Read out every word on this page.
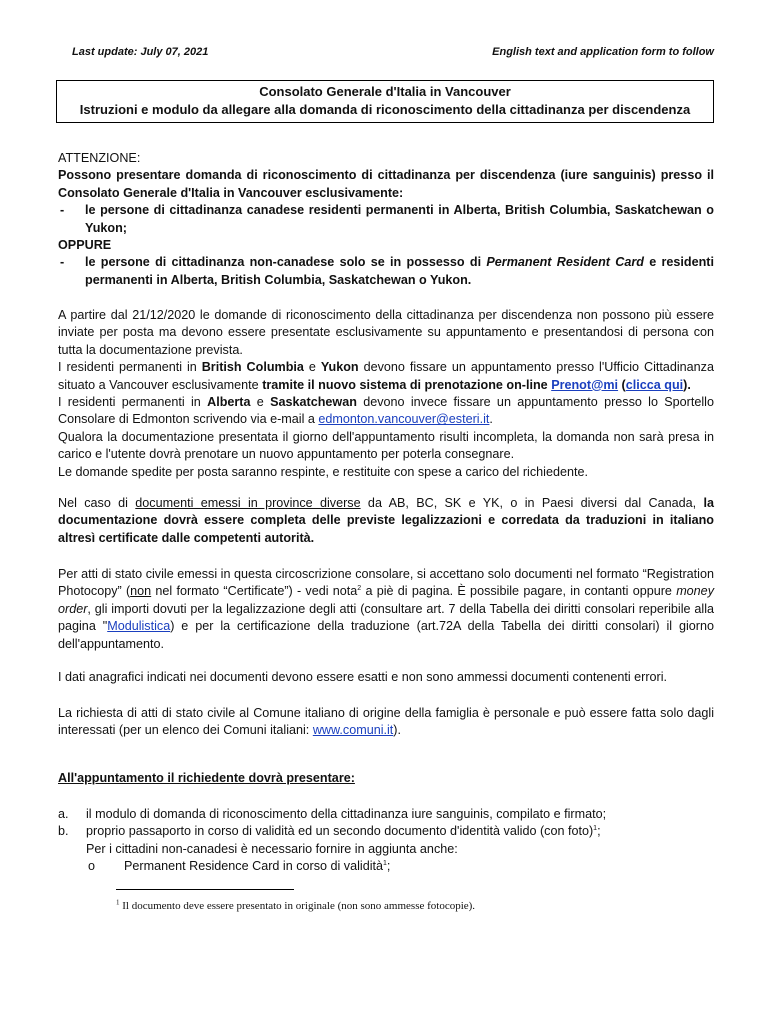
Last update: July 07, 2021	English text and application form to follow
Consolato Generale d'Italia in Vancouver
Istruzioni e modulo da allegare alla domanda di riconoscimento della cittadinanza per discendenza
ATTENZIONE:
Possono presentare domanda di riconoscimento di cittadinanza per discendenza (iure sanguinis) presso il Consolato Generale d'Italia in Vancouver esclusivamente:
- le persone di cittadinanza canadese residenti permanenti in Alberta, British Columbia, Saskatchewan o Yukon;
OPPURE
- le persone di cittadinanza non-canadese solo se in possesso di Permanent Resident Card e residenti permanenti in Alberta, British Columbia, Saskatchewan o Yukon.
A partire dal 21/12/2020 le domande di riconoscimento della cittadinanza per discendenza non possono più essere inviate per posta ma devono essere presentate esclusivamente su appuntamento e presentandosi di persona con tutta la documentazione prevista.
I residenti permanenti in British Columbia e Yukon devono fissare un appuntamento presso l'Ufficio Cittadinanza situato a Vancouver esclusivamente tramite il nuovo sistema di prenotazione on-line Prenot@mi (clicca qui).
I residenti permanenti in Alberta e Saskatchewan devono invece fissare un appuntamento presso lo Sportello Consolare di Edmonton scrivendo via e-mail a edmonton.vancouver@esteri.it.
Qualora la documentazione presentata il giorno dell'appuntamento risulti incompleta, la domanda non sarà presa in carico e l'utente dovrà prenotare un nuovo appuntamento per poterla consegnare.
Le domande spedite per posta saranno respinte, e restituite con spese a carico del richiedente.
Nel caso di documenti emessi in province diverse da AB, BC, SK e YK, o in Paesi diversi dal Canada, la documentazione dovrà essere completa delle previste legalizzazioni e corredata da traduzioni in italiano altresì certificate dalle competenti autorità.
Per atti di stato civile emessi in questa circoscrizione consolare, si accettano solo documenti nel formato “Registration Photocopy” (non nel formato “Certificate”) - vedi nota$^2$ a piè di pagina. È possibile pagare, in contanti oppure money order, gli importi dovuti per la legalizzazione degli atti (consultare art. 7 della Tabella dei diritti consolari reperibile alla pagina "Modulistica) e per la certificazione della traduzione (art.72A della Tabella dei diritti consolari) il giorno dell'appuntamento.
I dati anagrafici indicati nei documenti devono essere esatti e non sono ammessi documenti contenenti errori.
La richiesta di atti di stato civile al Comune italiano di origine della famiglia è personale e può essere fatta solo dagli interessati (per un elenco dei Comuni italiani: www.comuni.it).
All'appuntamento il richiedente dovrà presentare:
a. il modulo di domanda di riconoscimento della cittadinanza iure sanguinis, compilato e firmato;
b. proprio passaporto in corso di validità ed un secondo documento d'identità valido (con foto)$^1$;
Per i cittadini non-canadesi è necessario fornire in aggiunta anche:
o Permanent Residence Card in corso di validità$^1$;
$^1$ Il documento deve essere presentato in originale (non sono ammesse fotocopie).
